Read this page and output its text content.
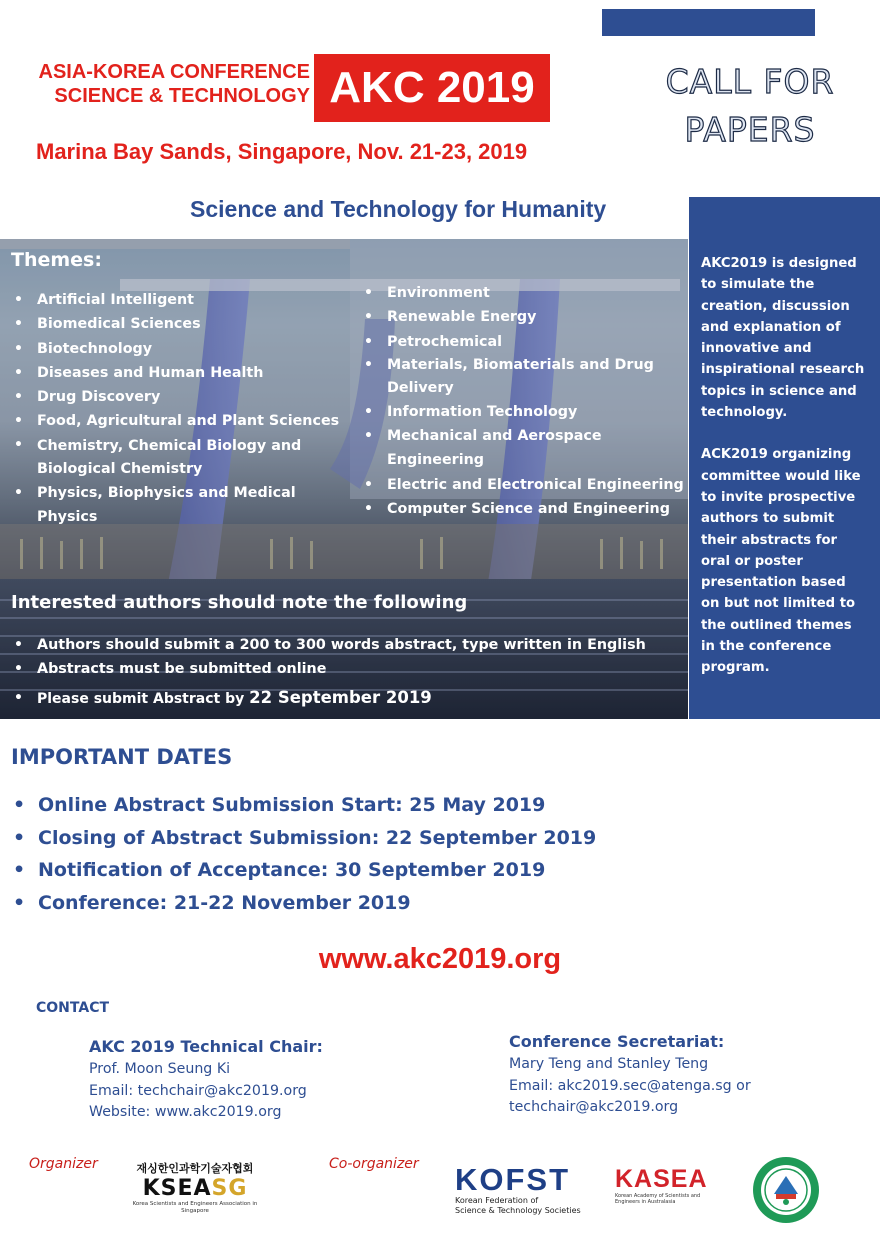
ASIA-KOREA CONFERENCE
SCIENCE & TECHNOLOGY AKC 2019
Marina Bay Sands, Singapore, Nov. 21-23, 2019
CALL FOR
PAPERS
Science and Technology for Humanity

AKC2019 is designed to simulate the creation, discussion and explanation of innovative and inspirational research topics in science and technology.

ACK2019 organizing committee would like to invite prospective authors to submit their abstracts for oral or poster presentation based on but not limited to the outlined themes in the conference program.

Themes:
• Artificial Intelligent
• Biomedical Sciences
• Biotechnology
• Diseases and Human Health
• Drug Discovery
• Food, Agricultural and Plant Sciences
• Chemistry, Chemical Biology and Biological Chemistry
• Physics, Biophysics and Medical Physics
• Environment
• Renewable Energy
• Petrochemical
• Materials, Biomaterials and Drug Delivery
• Information Technology
• Mechanical and Aerospace Engineering
• Electric and Electronical Engineering
• Computer Science and Engineering
Interested authors should note the following
• Authors should submit a 200 to 300 words abstract, type written in English
• Abstracts must be submitted online
• Please submit Abstract by 22 September 2019
IMPORTANT DATES
• Online Abstract Submission Start: 25 May 2019
• Closing of Abstract Submission: 22 September 2019
• Notification of Acceptance: 30 September 2019
• Conference: 21-22 November 2019
www.akc2019.org
CONTACT
AKC 2019 Technical Chair:
Prof. Moon Seung Ki
Email: techchair@akc2019.org
Website: www.akc2019.org
Conference Secretariat:
Mary Teng and Stanley Teng
Email: akc2019.sec@atenga.sg or
techchair@akc2019.org
Organizer	Co-organizer
재싱한인과학기술자협회
KSEASG
Korea Scientists and Engineers Association in Singapore
KOFST
Korean Federation of
Science & Technology Societies
KASEA
Korean Academy of Scientists and Engineers in Australasia
